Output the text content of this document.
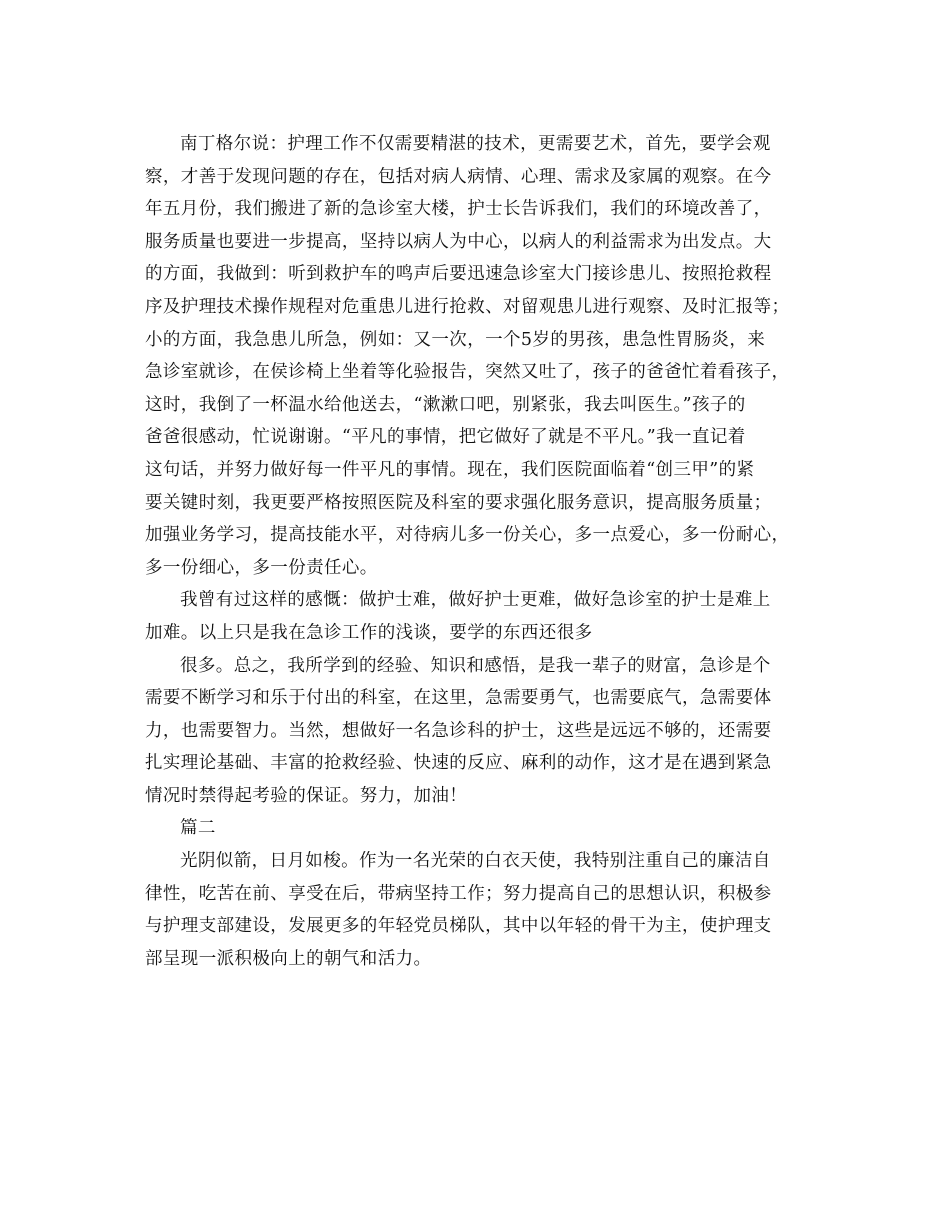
南丁格尔说：护理工作不仅需要精湛的技术，更需要艺术，首先，要学会观
察，才善于发现问题的存在，包括对病人病情、心理、需求及家属的观察。在今
年五月份，我们搬进了新的急诊室大楼，护士长告诉我们，我们的环境改善了，
服务质量也要进一步提高，坚持以病人为中心，以病人的利益需求为出发点。大
的方面，我做到：听到救护车的鸣声后要迅速急诊室大门接诊患儿、按照抢救程
序及护理技术操作规程对危重患儿进行抢救、对留观患儿进行观察、及时汇报等；
小的方面，我急患儿所急，例如：又一次，一个5岁的男孩，患急性胃肠炎，来
急诊室就诊，在侯诊椅上坐着等化验报告，突然又吐了，孩子的爸爸忙着看孩子，
这时，我倒了一杯温水给他送去，“漱漱口吧，别紧张，我去叫医生。”孩子的
爸爸很感动，忙说谢谢。“平凡的事情，把它做好了就是不平凡。”我一直记着
这句话，并努力做好每一件平凡的事情。现在，我们医院面临着“创三甲”的紧
要关键时刻，我更要严格按照医院及科室的要求强化服务意识，提高服务质量；
加强业务学习，提高技能水平，对待病儿多一份关心，多一点爱心，多一份耐心，
多一份细心，多一份责任心。
我曾有过这样的感慨：做护士难，做好护士更难，做好急诊室的护士是难上
加难。以上只是我在急诊工作的浅谈，要学的东西还很多
很多。总之，我所学到的经验、知识和感悟，是我一辈子的财富，急诊是个
需要不断学习和乐于付出的科室，在这里，急需要勇气，也需要底气，急需要体
力，也需要智力。当然，想做好一名急诊科的护士，这些是远远不够的，还需要
扎实理论基础、丰富的抢救经验、快速的反应、麻利的动作，这才是在遇到紧急
情况时禁得起考验的保证。努力，加油！
篇二
光阴似箭，日月如梭。作为一名光荣的白衣天使，我特别注重自己的廉洁自
律性，吃苦在前、享受在后，带病坚持工作；努力提高自己的思想认识，积极参
与护理支部建设，发展更多的年轻党员梯队，其中以年轻的骨干为主，使护理支
部呈现一派积极向上的朝气和活力。
